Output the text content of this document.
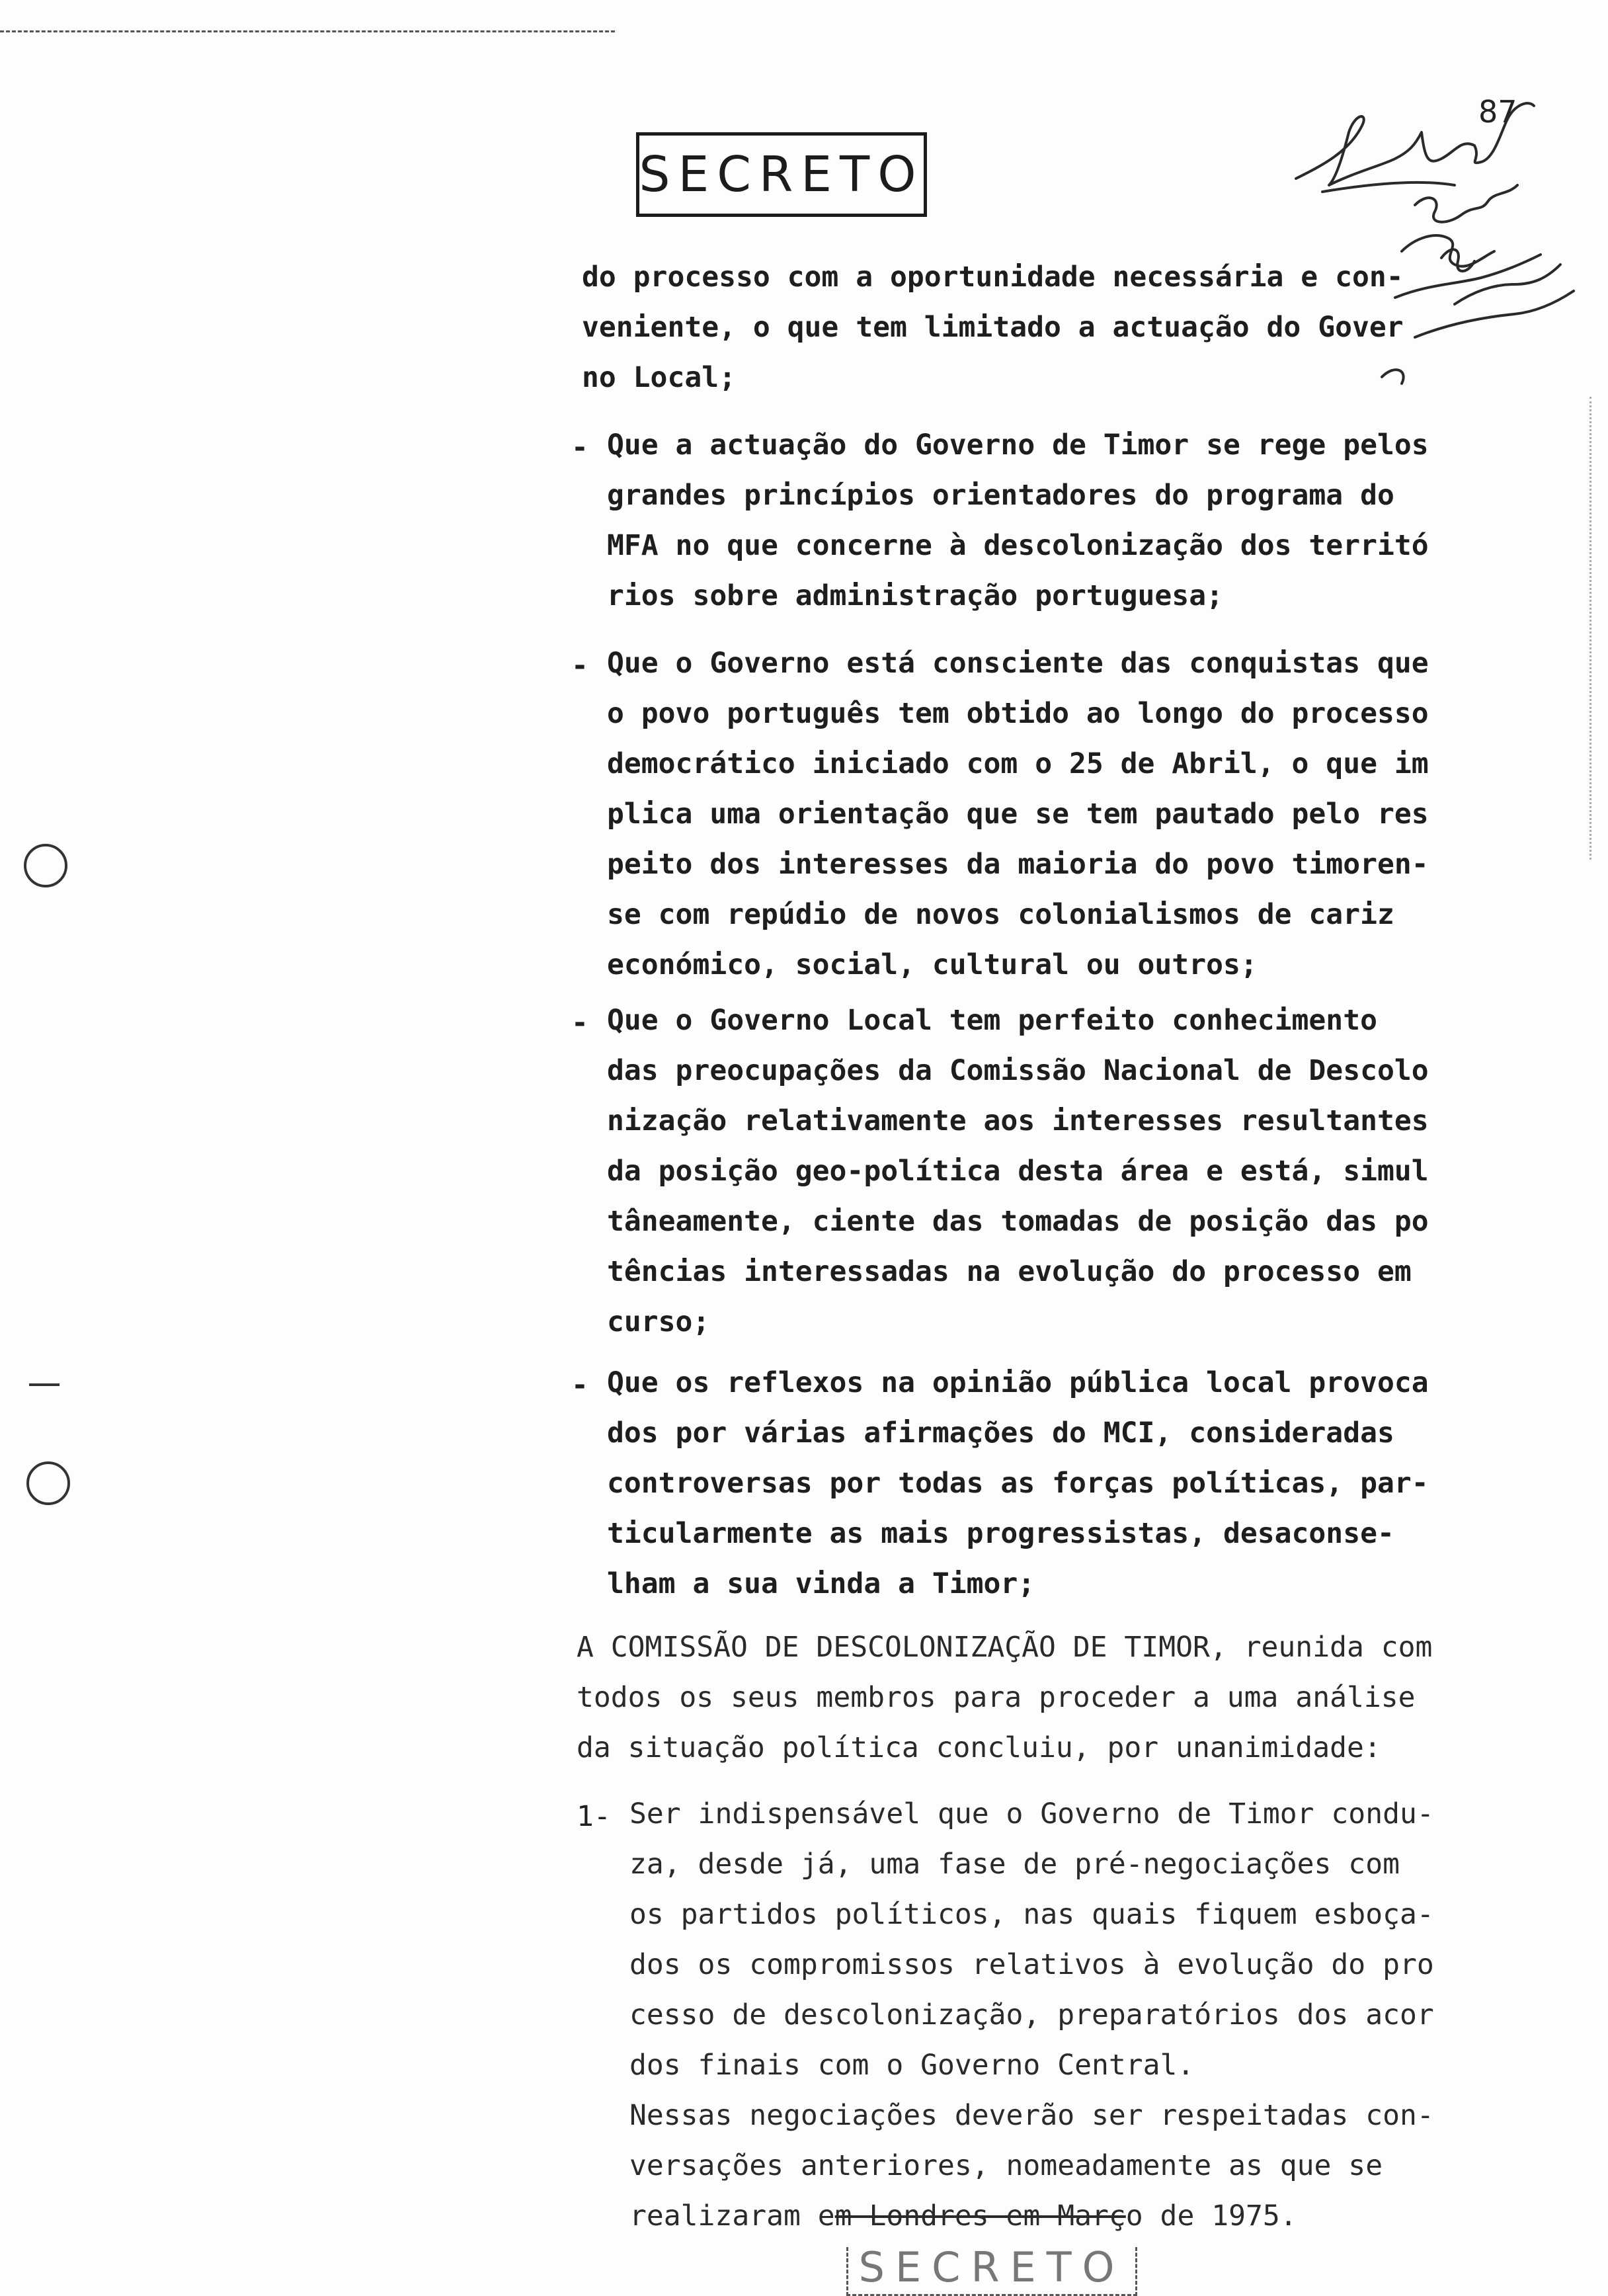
SECRETO
87
do processo com a oportunidade necessária e con-
veniente, o que tem limitado a actuação do Gover
no Local;
- Que a actuação do Governo de Timor se rege pelos
grandes princípios orientadores do programa do
MFA no que concerne à descolonização dos territó
rios sobre administração portuguesa;
- Que o Governo está consciente das conquistas que
o povo português tem obtido ao longo do processo
democrático iniciado com o 25 de Abril, o que im
plica uma orientação que se tem pautado pelo res
peito dos interesses da maioria do povo timoren-
se com repúdio de novos colonialismos de cariz
económico, social, cultural ou outros;
- Que o Governo Local tem perfeito conhecimento
das preocupações da Comissão Nacional de Descolo
nização relativamente aos interesses resultantes
da posição geo-política desta área e está, simul
tâneamente, ciente das tomadas de posição das po
tências interessadas na evolução do processo em
curso;
- Que os reflexos na opinião pública local provoca
dos por várias afirmações do MCI, consideradas
controversas por todas as forças políticas, par-
ticularmente as mais progressistas, desaconse-
lham a sua vinda a Timor;
A COMISSÃO DE DESCOLONIZAÇÃO DE TIMOR, reunida com
todos os seus membros para proceder a uma análise
da situação política concluiu, por unanimidade:
1- Ser indispensável que o Governo de Timor condu-
za, desde já, uma fase de pré-negociações com
os partidos políticos, nas quais fiquem esboça-
dos os compromissos relativos à evolução do pro
cesso de descolonização, preparatórios dos acor
dos finais com o Governo Central.
Nessas negociações deverão ser respeitadas con-
versações anteriores, nomeadamente as que se
realizaram em Londres em Março de 1975.
SECRETO
